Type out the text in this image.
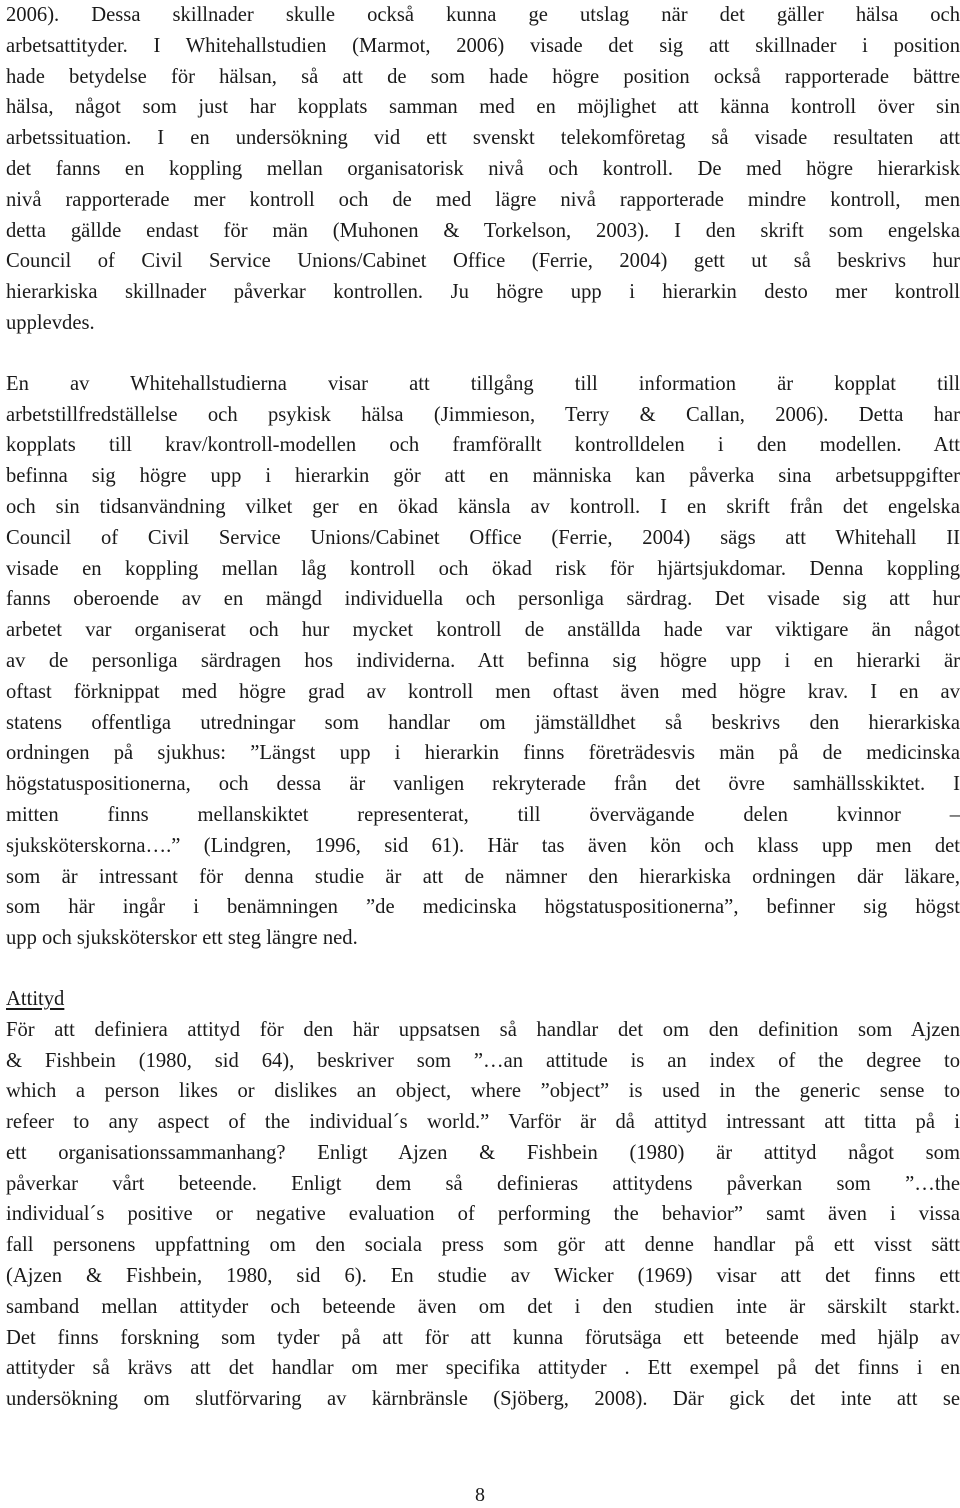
2006). Dessa skillnader skulle också kunna ge utslag när det gäller hälsa och
arbetsattityder. I Whitehallstudien (Marmot, 2006) visade det sig att skillnader i position
hade betydelse för hälsan, så att de som hade högre position också rapporterade bättre
hälsa, något som just har kopplats samman med en möjlighet att känna kontroll över sin
arbetssituation. I en undersökning vid ett svenskt telekomföretag så visade resultaten att
det fanns en koppling mellan organisatorisk nivå och kontroll. De med högre hierarkisk
nivå rapporterade mer kontroll och de med lägre nivå rapporterade mindre kontroll, men
detta gällde endast för män (Muhonen & Torkelson, 2003). I den skrift som engelska
Council of Civil Service Unions/Cabinet Office (Ferrie, 2004) gett ut så beskrivs hur
hierarkiska skillnader påverkar kontrollen. Ju högre upp i hierarkin desto mer kontroll
upplevdes.

En av Whitehallstudierna visar att tillgång till information är kopplat till
arbetstillfredställelse och psykisk hälsa (Jimmieson, Terry & Callan, 2006). Detta har
kopplats till krav/kontroll-modellen och framförallt kontrolldelen i den modellen. Att
befinna sig högre upp i hierarkin gör att en människa kan påverka sina arbetsuppgifter
och sin tidsanvändning vilket ger en ökad känsla av kontroll. I en skrift från det engelska
Council of Civil Service Unions/Cabinet Office (Ferrie, 2004) sägs att Whitehall II
visade en koppling mellan låg kontroll och ökad risk för hjärtsjukdomar. Denna koppling
fanns oberoende av en mängd individuella och personliga särdrag. Det visade sig att hur
arbetet var organiserat och hur mycket kontroll de anställda hade var viktigare än något
av de personliga särdragen hos individerna. Att befinna sig högre upp i en hierarki är
oftast förknippat med högre grad av kontroll men oftast även med högre krav. I en av
statens offentliga utredningar som handlar om jämställdhet så beskrivs den hierarkiska
ordningen på sjukhus: ”Längst upp i hierarkin finns företrädesvis män på de medicinska
högstatuspositionerna, och dessa är vanligen rekryterade från det övre samhällsskiktet. I
mitten finns mellanskiktet representerat, till övervägande delen kvinnor –
sjuksköterskorna….” (Lindgren, 1996, sid 61). Här tas även kön och klass upp men det
som är intressant för denna studie är att de nämner den hierarkiska ordningen där läkare,
som här ingår i benämningen ”de medicinska högstatuspositionerna”, befinner sig högst
upp och sjuksköterskor ett steg längre ned.

Attityd

För att definiera attityd för den här uppsatsen så handlar det om den definition som Ajzen
& Fishbein (1980, sid 64), beskriver som ”…an attitude is an index of the degree to
which a person likes or dislikes an object, where ”object” is used in the generic sense to
refeer to any aspect of the individual´s world.” Varför är då attityd intressant att titta på i
ett organisationssammanhang? Enligt Ajzen & Fishbein (1980) är attityd något som
påverkar vårt beteende. Enligt dem så definieras attitydens påverkan som ”…the
individual´s positive or negative evaluation of performing the behavior” samt även i vissa
fall personens uppfattning om den sociala press som gör att denne handlar på ett visst sätt
(Ajzen & Fishbein, 1980, sid 6). En studie av Wicker (1969) visar att det finns ett
samband mellan attityder och beteende även om det i den studien inte är särskilt starkt.
Det finns forskning som tyder på att för att kunna förutsäga ett beteende med hjälp av
attityder så krävs att det handlar om mer specifika attityder . Ett exempel på det finns i en
undersökning om slutförvaring av kärnbränsle (Sjöberg, 2008). Där gick det inte att se

8
